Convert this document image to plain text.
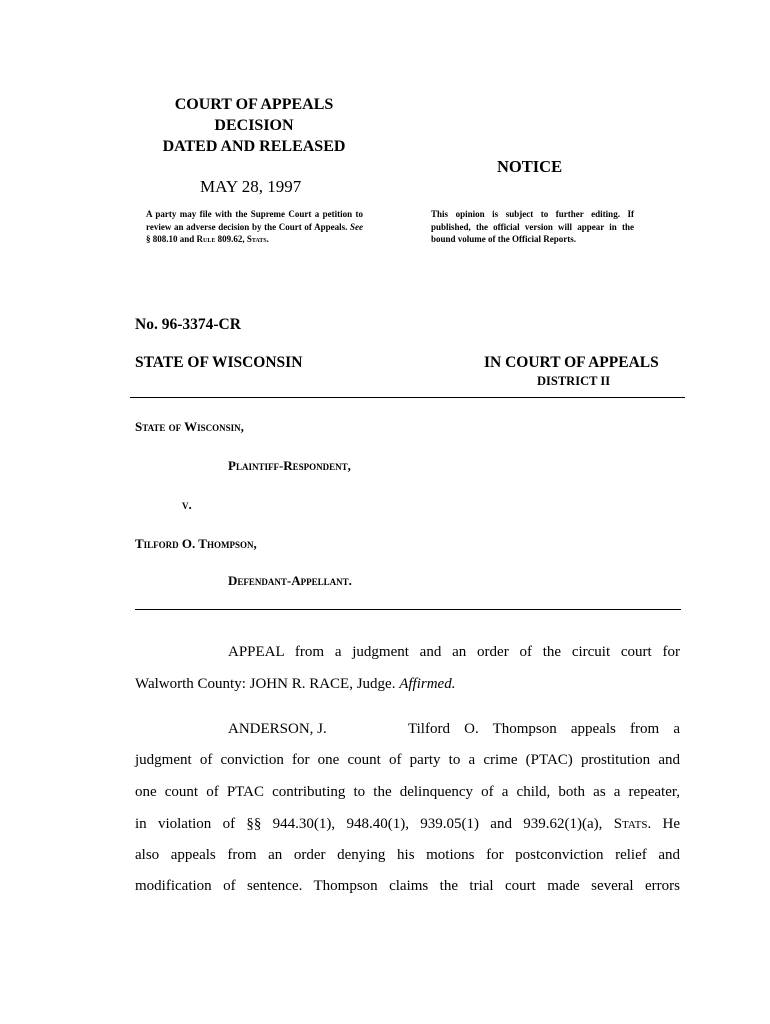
COURT OF APPEALS
DECISION
DATED AND RELEASED
MAY 28, 1997
A party may file with the Supreme Court a petition to review an adverse decision by the Court of Appeals. See § 808.10 and Rule 809.62, Stats.
NOTICE
This opinion is subject to further editing. If published, the official version will appear in the bound volume of the Official Reports.
No. 96-3374-CR
STATE OF WISCONSIN	IN COURT OF APPEALS
DISTRICT II
State of Wisconsin,
Plaintiff-Respondent,
v.
Tilford O. Thompson,
Defendant-Appellant.
APPEAL from a judgment and an order of the circuit court for
Walworth County: JOHN R. RACE, Judge. Affirmed.
ANDERSON, J.	Tilford O. Thompson appeals from a
judgment of conviction for one count of party to a crime (PTAC) prostitution and
one count of PTAC contributing to the delinquency of a child, both as a repeater,
in violation of §§ 944.30(1), 948.40(1), 939.05(1) and 939.62(1)(a), Stats. He
also appeals from an order denying his motions for postconviction relief and
modification of sentence. Thompson claims the trial court made several errors
